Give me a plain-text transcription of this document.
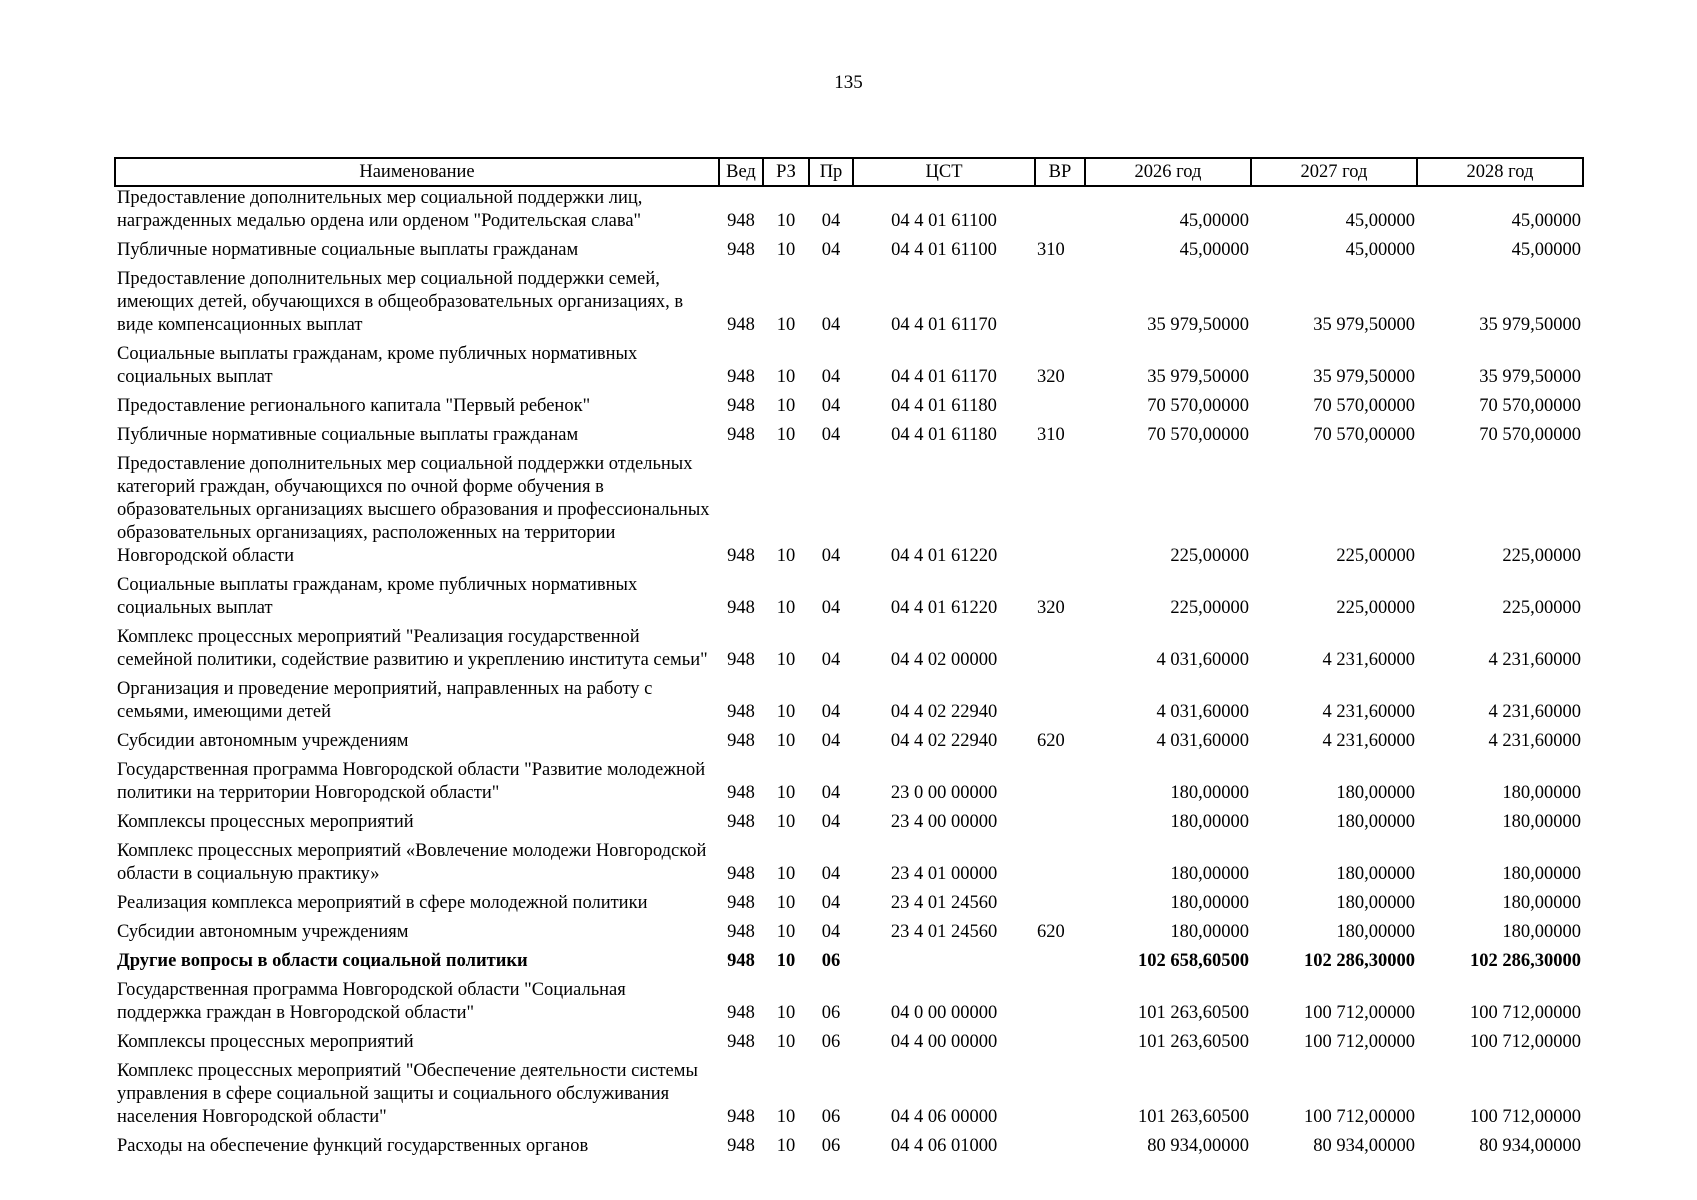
135
Наименование	Вед	РЗ	Пр	ЦСТ	ВР	2026 год	2027 год	2028 год
Предоставление дополнительных мер социальной поддержки лиц, награжденных медалью ордена или орденом "Родительская слава"	948	10	04	04 4 01 61100		45,00000	45,00000	45,00000
Публичные нормативные социальные выплаты гражданам	948	10	04	04 4 01 61100	310	45,00000	45,00000	45,00000
Предоставление дополнительных мер социальной поддержки семей, имеющих детей, обучающихся в общеобразовательных организациях, в виде компенсационных выплат	948	10	04	04 4 01 61170		35 979,50000	35 979,50000	35 979,50000
Социальные выплаты гражданам, кроме публичных нормативных социальных выплат	948	10	04	04 4 01 61170	320	35 979,50000	35 979,50000	35 979,50000
Предоставление регионального капитала "Первый ребенок"	948	10	04	04 4 01 61180		70 570,00000	70 570,00000	70 570,00000
Публичные нормативные социальные выплаты гражданам	948	10	04	04 4 01 61180	310	70 570,00000	70 570,00000	70 570,00000
Предоставление дополнительных мер социальной поддержки отдельных категорий граждан, обучающихся по очной форме обучения в образовательных организациях высшего образования и профессиональных образовательных организациях, расположенных на территории Новгородской области	948	10	04	04 4 01 61220		225,00000	225,00000	225,00000
Социальные выплаты гражданам, кроме публичных нормативных социальных выплат	948	10	04	04 4 01 61220	320	225,00000	225,00000	225,00000
Комплекс процессных мероприятий "Реализация государственной семейной политики, содействие развитию и укреплению института семьи"	948	10	04	04 4 02 00000		4 031,60000	4 231,60000	4 231,60000
Организация и проведение мероприятий, направленных на работу с семьями, имеющими детей	948	10	04	04 4 02 22940		4 031,60000	4 231,60000	4 231,60000
Субсидии автономным учреждениям	948	10	04	04 4 02 22940	620	4 031,60000	4 231,60000	4 231,60000
Государственная программа Новгородской области "Развитие молодежной политики на территории Новгородской области"	948	10	04	23 0 00 00000		180,00000	180,00000	180,00000
Комплексы процессных мероприятий	948	10	04	23 4 00 00000		180,00000	180,00000	180,00000
Комплекс процессных мероприятий «Вовлечение молодежи Новгородской области в социальную практику»	948	10	04	23 4 01 00000		180,00000	180,00000	180,00000
Реализация комплекса мероприятий в сфере молодежной политики	948	10	04	23 4 01 24560		180,00000	180,00000	180,00000
Субсидии автономным учреждениям	948	10	04	23 4 01 24560	620	180,00000	180,00000	180,00000
Другие вопросы в области социальной политики	948	10	06			102 658,60500	102 286,30000	102 286,30000
Государственная программа Новгородской области "Социальная поддержка граждан в Новгородской области"	948	10	06	04 0 00 00000		101 263,60500	100 712,00000	100 712,00000
Комплексы процессных мероприятий	948	10	06	04 4 00 00000		101 263,60500	100 712,00000	100 712,00000
Комплекс процессных мероприятий "Обеспечение деятельности системы управления в сфере социальной защиты и социального обслуживания населения Новгородской области"	948	10	06	04 4 06 00000		101 263,60500	100 712,00000	100 712,00000
Расходы на обеспечение функций государственных органов	948	10	06	04 4 06 01000		80 934,00000	80 934,00000	80 934,00000
